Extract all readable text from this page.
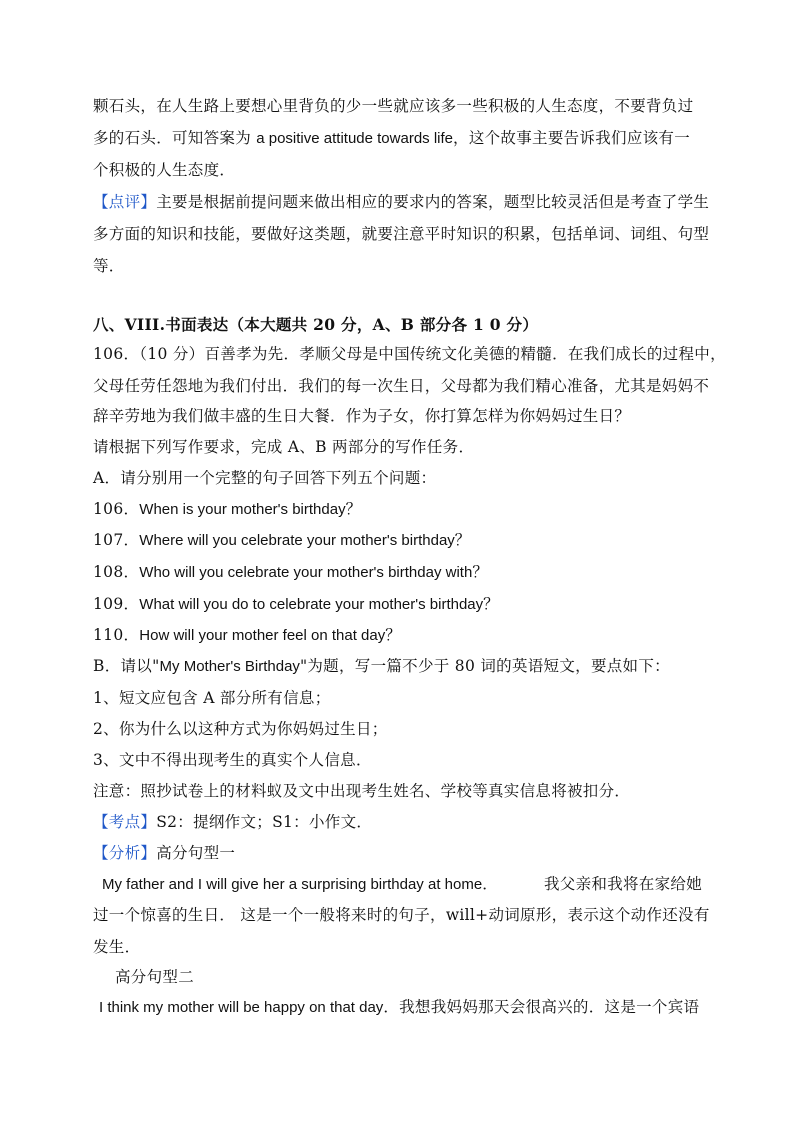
颗石头，在人生路上要想心里背负的少一些就应该多一些积极的人生态度，不要背负过
多的石头．可知答案为 a positive attitude towards life，这个故事主要告诉我们应该有一
个积极的人生态度．
【点评】主要是根据前提问题来做出相应的要求内的答案，题型比较灵活但是考查了学生
多方面的知识和技能，要做好这类题，就要注意平时知识的积累，包括单词、词组、句型
等．
八、VIII.书面表达（本大题共 20 分，A、B 部分各 1 0 分）
106．（10 分）百善孝为先．孝顺父母是中国传统文化美德的精髓．在我们成长的过程中，
父母任劳任怨地为我们付出．我们的每一次生日，父母都为我们精心准备，尤其是妈妈不
辞辛劳地为我们做丰盛的生日大餐．作为子女，你打算怎样为你妈妈过生日？
请根据下列写作要求，完成 A、B 两部分的写作任务．
A．请分别用一个完整的句子回答下列五个问题：
106．When is your mother's birthday？
107．Where will you celebrate your mother's birthday？
108．Who will you celebrate your mother's birthday with？
109．What will you do to celebrate your mother's birthday？
110．How will your mother feel on that day？
B．请以"My Mother's Birthday"为题，写一篇不少于 80 词的英语短文，要点如下：
1、短文应包含 A 部分所有信息；
2、你为什么以这种方式为你妈妈过生日；
3、文中不得出现考生的真实个人信息．
注意：照抄试卷上的材料蚁及文中出现考生姓名、学校等真实信息将被扣分．
【考点】S2：提纲作文；S1：小作文．
【分析】高分句型一
My father and I will give her a surprising birthday at home．	我父亲和我将在家给她
过一个惊喜的生日． 这是一个一般将来时的句子，will+动词原形，表示这个动作还没有
发生．
高分句型二
I think my mother will be happy on that day．我想我妈妈那天会很高兴的．这是一个宾语
